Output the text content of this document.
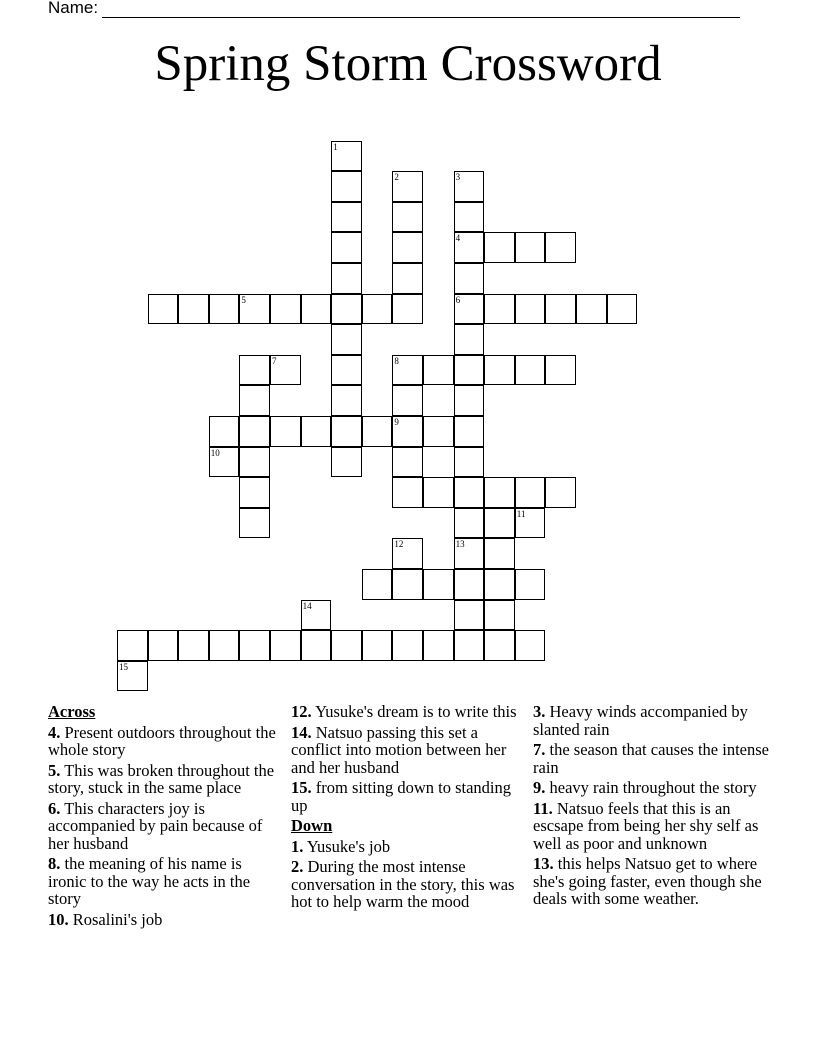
Name:
Spring Storm Crossword
1
2	3
4
6
5
8
9
13
7
10
11
12
14
15
Across
4. Present outdoors throughout the whole story
5. This was broken throughout the story, stuck in the same place
6. This characters joy is accompanied by pain because of her husband
8. the meaning of his name is ironic to the way he acts in the story
10. Rosalini's job
12. Yusuke's dream is to write this
14. Natsuo passing this set a conflict into motion between her and her husband
15. from sitting down to standing up
Down
1. Yusuke's job
2. During the most intense conversation in the story, this was hot to help warm the mood
3. Heavy winds accompanied by slanted rain
7. the season that causes the intense rain
9. heavy rain throughout the story
11. Natsuo feels that this is an escsape from being her shy self as well as poor and unknown
13. this helps Natsuo get to where she's going faster, even though she deals with some weather.
